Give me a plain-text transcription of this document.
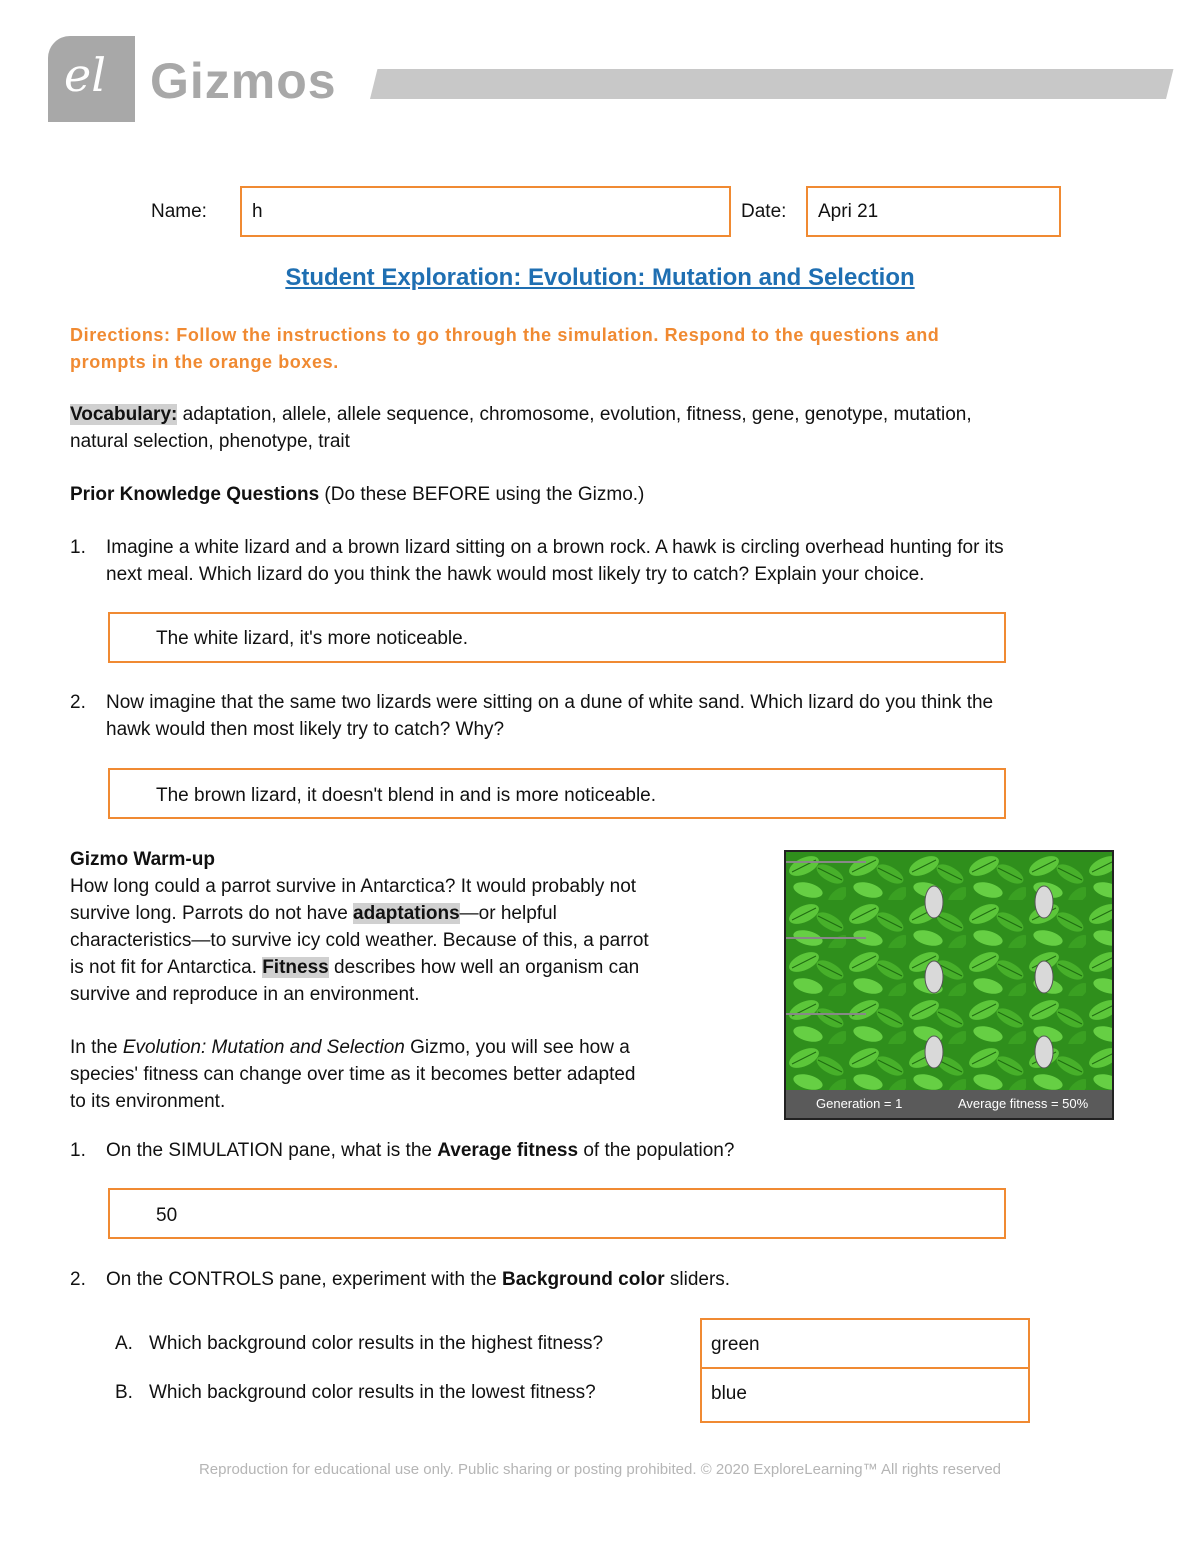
el Gizmos
Name: h	Date: Apri 21
Student Exploration: Evolution: Mutation and Selection
Directions: Follow the instructions to go through the simulation. Respond to the questions and
prompts in the orange boxes.
Vocabulary: adaptation, allele, allele sequence, chromosome, evolution, fitness, gene, genotype, mutation,
natural selection, phenotype, trait
Prior Knowledge Questions (Do these BEFORE using the Gizmo.)
1. Imagine a white lizard and a brown lizard sitting on a brown rock. A hawk is circling overhead hunting for its
next meal. Which lizard do you think the hawk would most likely try to catch? Explain your choice.
The white lizard, it's more noticeable.
2. Now imagine that the same two lizards were sitting on a dune of white sand. Which lizard do you think the
hawk would then most likely try to catch? Why?
The brown lizard, it doesn't blend in and is more noticeable.
Gizmo Warm-up
How long could a parrot survive in Antarctica? It would probably not
survive long. Parrots do not have adaptations—or helpful
characteristics—to survive icy cold weather. Because of this, a parrot
is not fit for Antarctica. Fitness describes how well an organism can
survive and reproduce in an environment.
In the Evolution: Mutation and Selection Gizmo, you will see how a
species' fitness can change over time as it becomes better adapted
to its environment.	Generation = 1	Average fitness = 50%
1. On the SIMULATION pane, what is the Average fitness of the population?
50
2. On the CONTROLS pane, experiment with the Background color sliders.
A. Which background color results in the highest fitness?	green
B. Which background color results in the lowest fitness?	blue
Reproduction for educational use only. Public sharing or posting prohibited. © 2020 ExploreLearning™ All rights reserved
